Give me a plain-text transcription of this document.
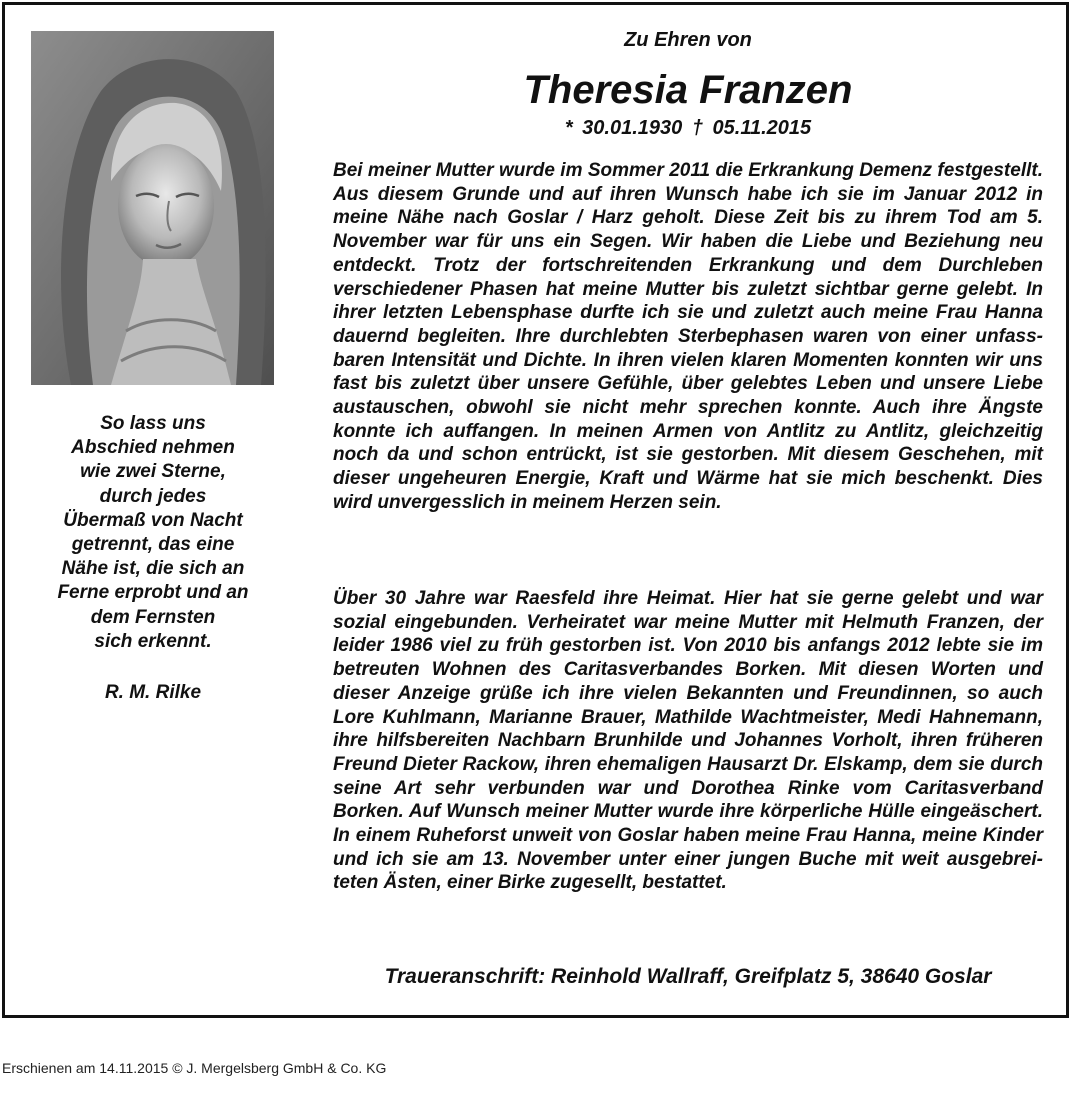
So lass uns
Abschied nehmen
wie zwei Sterne,
durch jedes
Übermaß von Nacht
getrennt, das eine
Nähe ist, die sich an
Ferne erprobt und an
dem Fernsten
sich erkennt.
R. M. Rilke
Zu Ehren von
Theresia Franzen
* 30.01.1930 † 05.11.2015

Bei meiner Mutter wurde im Sommer 2011 die Erkrankung Demenz festgestellt. Aus diesem Grunde und auf ihren Wunsch habe ich sie im Januar 2012 in meine Nähe nach Goslar / Harz geholt. Diese Zeit bis zu ihrem Tod am 5. November war für uns ein Segen. Wir haben die Liebe und Beziehung neu entdeckt. Trotz der fortschreitenden Erkrankung und dem Durchleben verschiedener Phasen hat meine Mutter bis zuletzt sichtbar gerne gelebt. In ihrer letzten Lebensphase durfte ich sie und zuletzt auch meine Frau Hanna dauernd begleiten. Ihre durchlebten Sterbephasen waren von einer unfassbaren Intensität und Dichte. In ihren vielen klaren Momenten konnten wir uns fast bis zuletzt über unsere Gefühle, über gelebtes Leben und unsere Liebe austauschen, obwohl sie nicht mehr sprechen konnte. Auch ihre Ängste konnte ich auffangen. In meinen Armen von Antlitz zu Antlitz, gleichzeitig noch da und schon entrückt, ist sie gestorben. Mit diesem Geschehen, mit dieser ungeheuren Energie, Kraft und Wärme hat sie mich beschenkt. Dies wird unvergesslich in meinem Herzen sein.

Über 30 Jahre war Raesfeld ihre Heimat. Hier hat sie gerne gelebt und war sozial eingebunden. Verheiratet war meine Mutter mit Helmuth Franzen, der leider 1986 viel zu früh gestorben ist. Von 2010 bis anfangs 2012 lebte sie im betreuten Wohnen des Caritasverbandes Borken. Mit diesen Worten und dieser Anzeige grüße ich ihre vielen Bekannten und Freundinnen, so auch Lore Kuhlmann, Marianne Brauer, Mathilde Wachtmeister, Medi Hahnemann, ihre hilfsbereiten Nachbarn Brunhilde und Johannes Vorholt, ihren früheren Freund Dieter Rackow, ihren ehemaligen Hausarzt Dr. Elskamp, dem sie durch seine Art sehr verbunden war und Dorothea Rinke vom Caritasverband Borken. Auf Wunsch meiner Mutter wurde ihre körperliche Hülle eingeäschert. In einem Ruheforst unweit von Goslar haben meine Frau Hanna, meine Kinder und ich sie am 13. November unter einer jungen Buche mit weit ausgebreiteten Ästen, einer Birke zugesellt, bestattet.

Traueranschrift: Reinhold Wallraff, Greifplatz 5, 38640 Goslar
Erschienen am 14.11.2015 © J. Mergelsberg GmbH & Co. KG
